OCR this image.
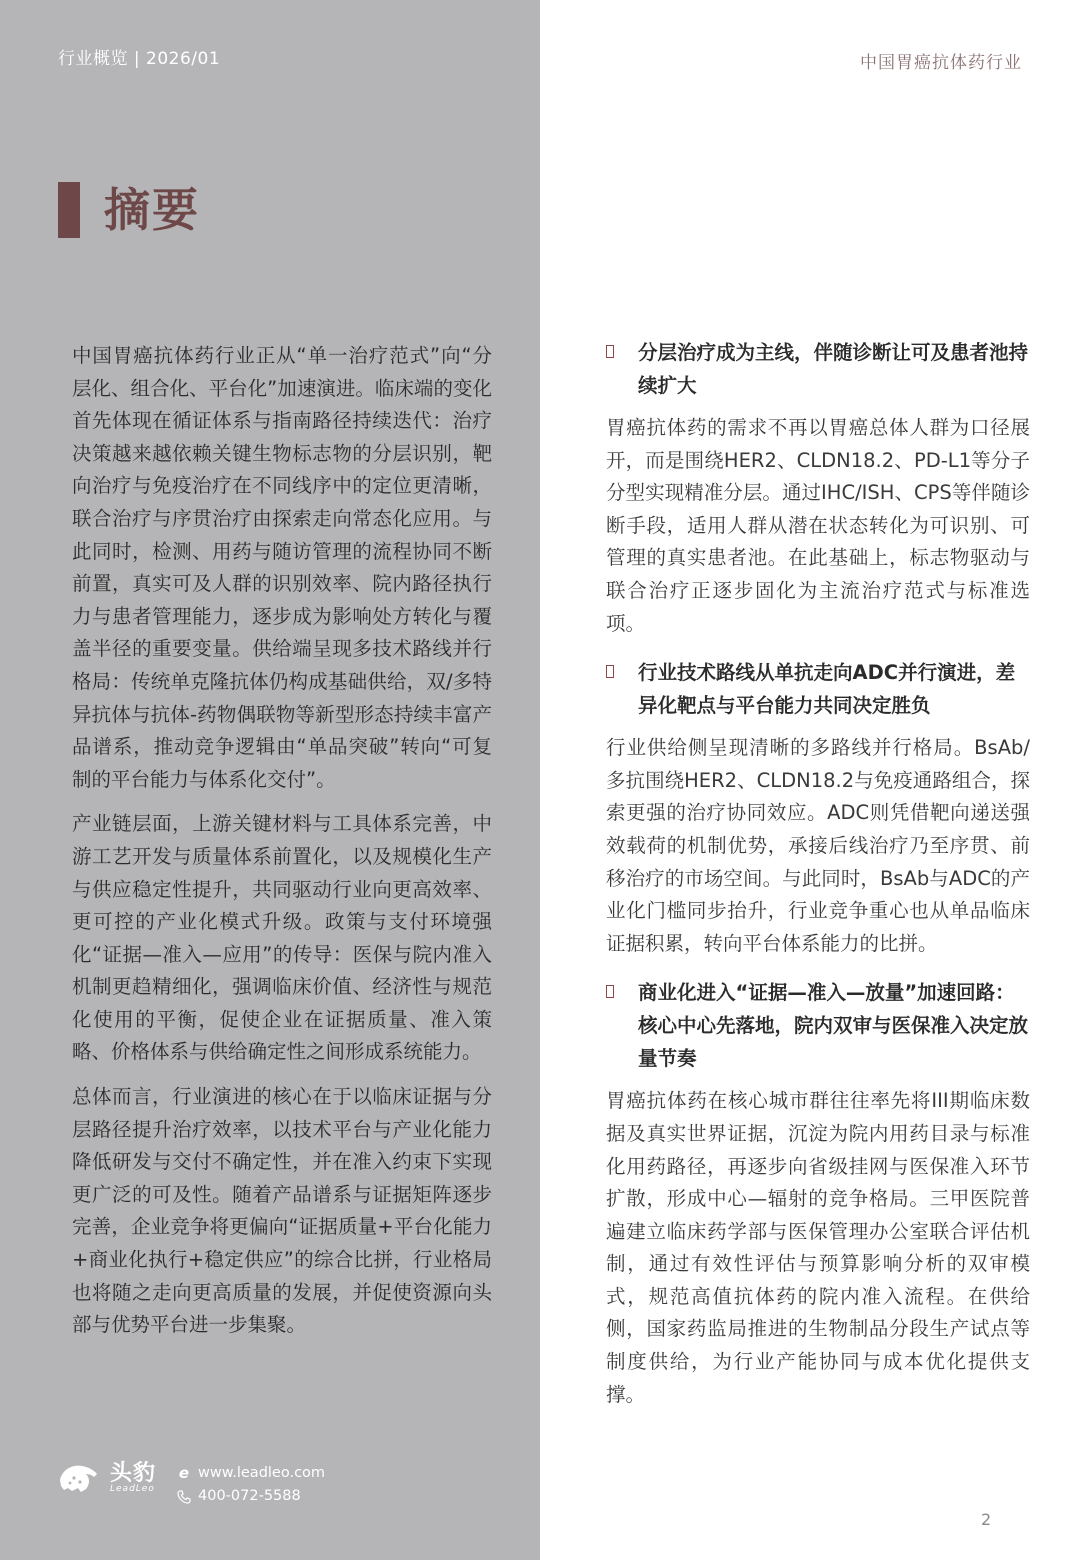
行业概览 | 2026/01	中国胃癌抗体药行业
摘要

中国胃癌抗体药行业正从“单一治疗范式”向“分层化、组合化、平台化”加速演进。临床端的变化首先体现在循证体系与指南路径持续迭代：治疗决策越来越依赖关键生物标志物的分层识别，靶向治疗与免疫治疗在不同线序中的定位更清晰，联合治疗与序贯治疗由探索走向常态化应用。与此同时，检测、用药与随访管理的流程协同不断前置，真实可及人群的识别效率、院内路径执行力与患者管理能力，逐步成为影响处方转化与覆盖半径的重要变量。供给端呈现多技术路线并行格局：传统单克隆抗体仍构成基础供给，双/多特异抗体与抗体-药物偶联物等新型形态持续丰富产品谱系，推动竞争逻辑由“单品突破”转向“可复制的平台能力与体系化交付”。

产业链层面，上游关键材料与工具体系完善，中游工艺开发与质量体系前置化，以及规模化生产与供应稳定性提升，共同驱动行业向更高效率、更可控的产业化模式升级。政策与支付环境强化“证据—准入—应用”的传导：医保与院内准入机制更趋精细化，强调临床价值、经济性与规范化使用的平衡，促使企业在证据质量、准入策略、价格体系与供给确定性之间形成系统能力。

总体而言，行业演进的核心在于以临床证据与分层路径提升治疗效率，以技术平台与产业化能力降低研发与交付不确定性，并在准入约束下实现更广泛的可及性。随着产品谱系与证据矩阵逐步完善，企业竞争将更偏向“证据质量+平台化能力+商业化执行+稳定供应”的综合比拼，行业格局也将随之走向更高质量的发展，并促使资源向头部与优势平台进一步集聚。

分层治疗成为主线，伴随诊断让可及患者池持续扩大

胃癌抗体药的需求不再以胃癌总体人群为口径展开，而是围绕HER2、CLDN18.2、PD-L1等分子分型实现精准分层。通过IHC/ISH、CPS等伴随诊断手段，适用人群从潜在状态转化为可识别、可管理的真实患者池。在此基础上，标志物驱动与联合治疗正逐步固化为主流治疗范式与标准选项。

行业技术路线从单抗走向ADC并行演进，差异化靶点与平台能力共同决定胜负

行业供给侧呈现清晰的多路线并行格局。BsAb/多抗围绕HER2、CLDN18.2与免疫通路组合，探索更强的治疗协同效应。ADC则凭借靶向递送强效载荷的机制优势，承接后线治疗乃至序贯、前移治疗的市场空间。与此同时，BsAb与ADC的产业化门槛同步抬升，行业竞争重心也从单品临床证据积累，转向平台体系能力的比拼。

商业化进入“证据—准入—放量”加速回路：核心中心先落地，院内双审与医保准入决定放量节奏

胃癌抗体药在核心城市群往往率先将III期临床数据及真实世界证据，沉淀为院内用药目录与标准化用药路径，再逐步向省级挂网与医保准入环节扩散，形成中心—辐射的竞争格局。三甲医院普遍建立临床药学部与医保管理办公室联合评估机制，通过有效性评估与预算影响分析的双审模式，规范高值抗体药的院内准入流程。在供给侧，国家药监局推进的生物制品分段生产试点等制度供给，为行业产能协同与成本优化提供支撑。

头豹
LeadLeo
e www.leadleo.com
400-072-5588
2
